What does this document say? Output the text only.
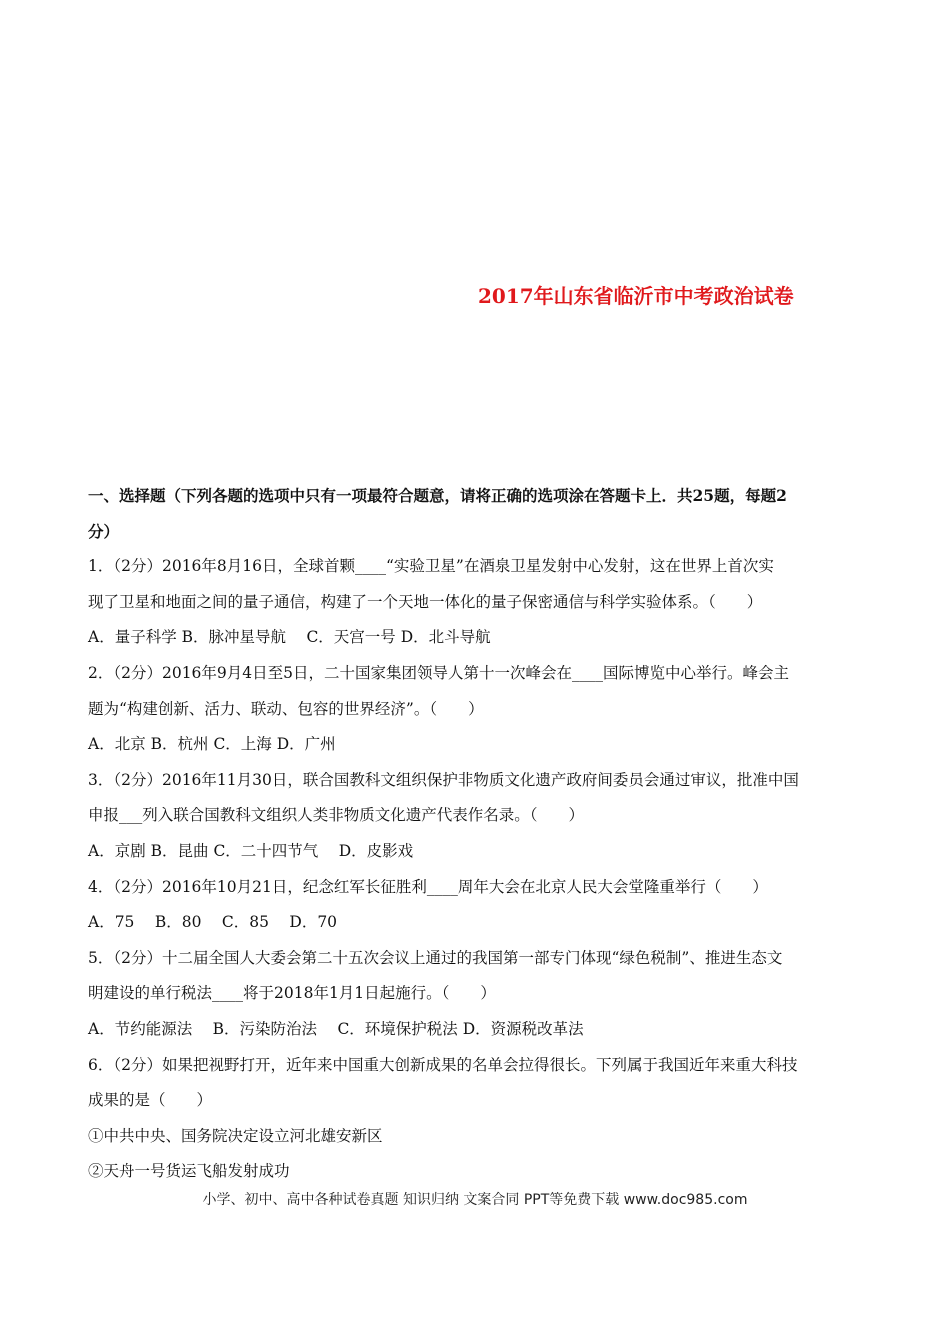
2017年山东省临沂市中考政治试卷
一、选择题（下列各题的选项中只有一项最符合题意，请将正确的选项涂在答题卡上．共25题，每题2
分）
1．（2分）2016年8月16日，全球首颗____“实验卫星”在酒泉卫星发射中心发射，这在世界上首次实
现了卫星和地面之间的量子通信，构建了一个天地一体化的量子保密通信与科学实验体系。（　　）
A．量子科学 B．脉冲星导航　 C．天宫一号 D．北斗导航
2．（2分）2016年9月4日至5日，二十国家集团领导人第十一次峰会在____国际博览中心举行。峰会主
题为“构建创新、活力、联动、包容的世界经济”。（　　）
A．北京 B．杭州 C．上海 D．广州
3．（2分）2016年11月30日，联合国教科文组织保护非物质文化遗产政府间委员会通过审议，批准中国
申报___列入联合国教科文组织人类非物质文化遗产代表作名录。（　　）
A．京剧 B．昆曲 C．二十四节气　 D．皮影戏
4．（2分）2016年10月21日，纪念红军长征胜利____周年大会在北京人民大会堂隆重举行（　　）
A．75　 B．80　 C．85　 D．70
5．（2分）十二届全国人大委会第二十五次会议上通过的我国第一部专门体现“绿色税制”、推进生态文
明建设的单行税法____将于2018年1月1日起施行。（　　）
A．节约能源法　 B．污染防治法　 C．环境保护税法 D．资源税改革法
6．（2分）如果把视野打开，近年来中国重大创新成果的名单会拉得很长。下列属于我国近年来重大科技
成果的是（　　）
①中共中央、国务院决定设立河北雄安新区
②天舟一号货运飞船发射成功
小学、初中、高中各种试卷真题 知识归纳 文案合同 PPT等免费下载 www.doc985.com
